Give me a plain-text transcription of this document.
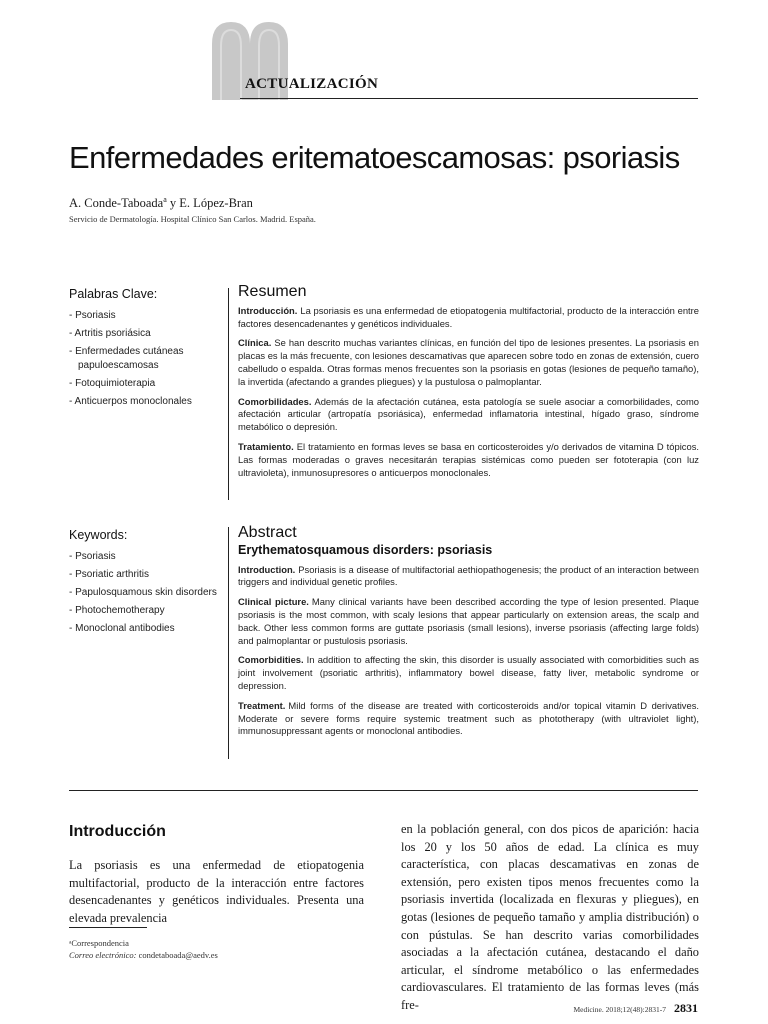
ACTUALIZACIÓN
Enfermedades eritematoescamosas: psoriasis
A. Conde-Taboada$^a$ y E. López-Bran
Servicio de Dermatología. Hospital Clínico San Carlos. Madrid. España.
Palabras Clave:
- Psoriasis
- Artritis psoriásica
- Enfermedades cutáneas papuloescamosas
- Fotoquimioterapia
- Anticuerpos monoclonales
Resumen

Introducción. La psoriasis es una enfermedad de etiopatogenia multifactorial, producto de la interacción entre factores desencadenantes y genéticos individuales.

Clínica. Se han descrito muchas variantes clínicas, en función del tipo de lesiones presentes. La psoriasis en placas es la más frecuente, con lesiones descamativas que aparecen sobre todo en zonas de extensión, cuero cabelludo o espalda. Otras formas menos frecuentes son la psoriasis en gotas (lesiones de pequeño tamaño), la invertida (afectando a grandes pliegues) y la pustulosa o palmoplantar.

Comorbilidades. Además de la afectación cutánea, esta patología se suele asociar a comorbilidades, como afectación articular (artropatía psoriásica), enfermedad inflamatoria intestinal, hígado graso, síndrome metabólico o depresión.

Tratamiento. El tratamiento en formas leves se basa en corticosteroides y/o derivados de vitamina D tópicos. Las formas moderadas o graves necesitarán terapias sistémicas como pueden ser fototerapia (con luz ultravioleta), inmunosupresores o anticuerpos monoclonales.

Keywords:
- Psoriasis
- Psoriatic arthritis
- Papulosquamous skin disorders
- Photochemotherapy
- Monoclonal antibodies
Abstract
Erythematosquamous disorders: psoriasis

Introduction. Psoriasis is a disease of multifactorial aethiopathogenesis; the product of an interaction between triggers and individual genetic profiles.

Clinical picture. Many clinical variants have been described according the type of lesion presented. Plaque psoriasis is the most common, with scaly lesions that appear particularly on extension areas, the scalp and back. Other less common forms are guttate psoriasis (small lesions), inverse psoriasis (affecting large folds) and palmoplantar or pustulosis psoriasis.

Comorbidities. In addition to affecting the skin, this disorder is usually associated with comorbidities such as joint involvement (psoriatic arthritis), inflammatory bowel disease, fatty liver, metabolic syndrome or depression.

Treatment. Mild forms of the disease are treated with corticosteroids and/or topical vitamin D derivatives. Moderate or severe forms require systemic treatment such as phototherapy (with ultraviolet light), immunosuppressant agents or monoclonal antibodies.

Introducción

La psoriasis es una enfermedad de etiopatogenia multifactorial, producto de la interacción entre factores desencadenantes y genéticos individuales. Presenta una elevada prevalencia

en la población general, con dos picos de aparición: hacia los 20 y los 50 años de edad. La clínica es muy característica, con placas descamativas en zonas de extensión, pero existen tipos menos frecuentes como la psoriasis invertida (localizada en flexuras y pliegues), en gotas (lesiones de pequeño tamaño y amplia distribución) o con pústulas. Se han descrito varias comorbilidades asociadas a la afectación cutánea, destacando el daño articular, el síndrome metabólico o las enfermedades cardiovasculares. El tratamiento de las formas leves (más fre-

ᵃCorrespondencia
Correo electrónico: condetaboada@aedv.es
Medicine. 2018;12(48):2831-7 2831
